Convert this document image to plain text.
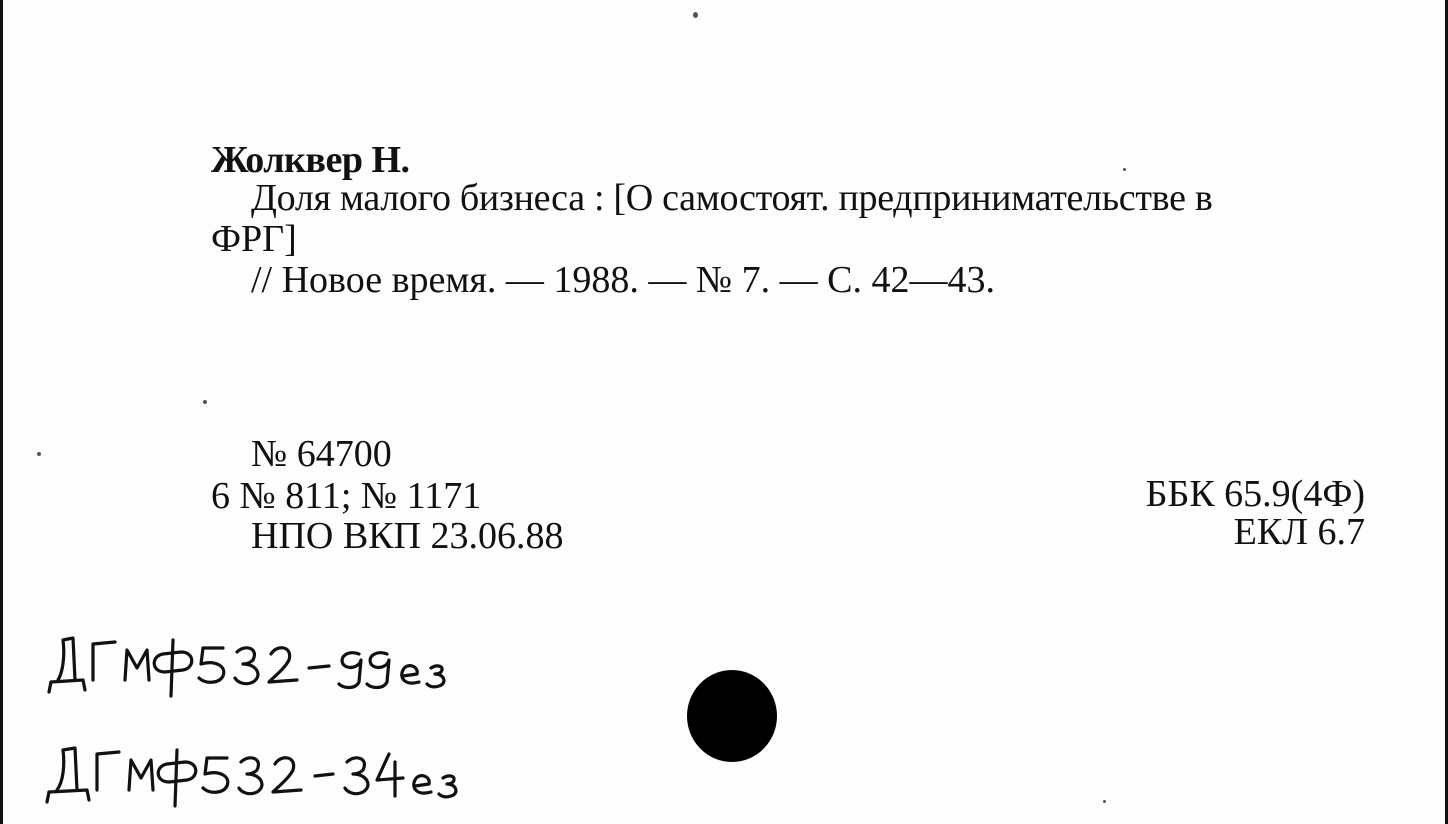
Жолквер Н.
Доля малого бизнеса : [О самостоят. предпринимательстве в
ФРГ]
// Новое время. — 1988. — № 7. — С. 42—43.
№ 64700
6 № 811; № 1171
НПО ВКП 23.06.88
ББК 65.9(4Ф)
ЕКЛ 6.7
